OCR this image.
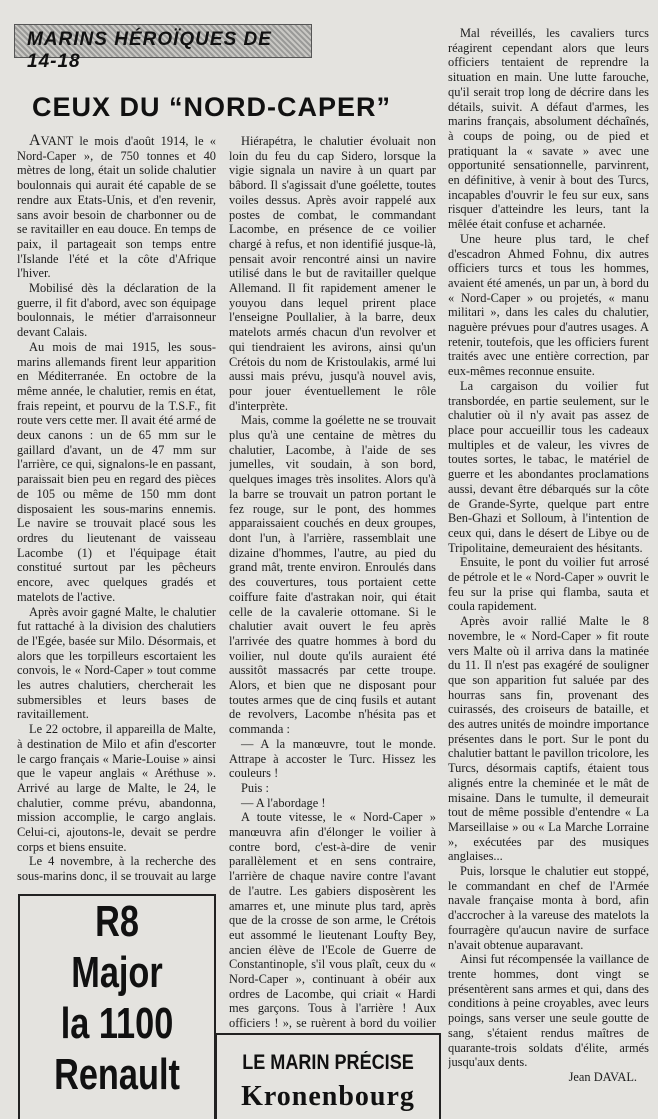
MARINS HÉROÏQUES DE 14-18
CEUX DU “NORD-CAPER”

AVANT le mois d'août 1914, le « Nord-Caper », de 750 tonnes et 40 mètres de long, était un solide chalutier boulonnais qui aurait été capable de se rendre aux Etats-Unis, et d'en revenir, sans avoir besoin de charbonner ou de se ravitailler en eau douce. En temps de paix, il partageait son temps entre l'Islande l'été et la côte d'Afrique l'hiver.

Mobilisé dès la déclaration de la guerre, il fit d'abord, avec son équipage boulonnais, le métier d'arraisonneur devant Calais.

Au mois de mai 1915, les sous-marins allemands firent leur apparition en Méditerranée. En octobre de la même année, le chalutier, remis en état, frais repeint, et pourvu de la T.S.F., fit route vers cette mer. Il avait été armé de deux canons : un de 65 mm sur le gaillard d'avant, un de 47 mm sur l'arrière, ce qui, signalons-le en passant, paraissait bien peu en regard des pièces de 105 ou même de 150 mm dont disposaient les sous-marins ennemis. Le navire se trouvait placé sous les ordres du lieutenant de vaisseau Lacombe (1) et l'équipage était constitué surtout par les pêcheurs encore, avec quelques gradés et matelots de l'active.

Après avoir gagné Malte, le chalutier fut rattaché à la division des chalutiers de l'Egée, basée sur Milo. Désormais, et alors que les torpilleurs escortaient les convois, le « Nord-Caper » tout comme les autres chalutiers, chercherait les submersibles et leurs bases de ravitaillement.

Le 22 octobre, il appareilla de Malte, à destination de Milo et afin d'escorter le cargo français « Marie-Louise » ainsi que le vapeur anglais « Aréthuse ». Arrivé au large de Malte, le 24, le chalutier, comme prévu, abandonna, mission accomplie, le cargo anglais. Celui-ci, ajoutons-le, devait se perdre corps et biens ensuite.

Le 4 novembre, à la recherche des sous-marins donc, il se trouvait au large

Hiérapétra, le chalutier évoluait non loin du feu du cap Sidero, lorsque la vigie signala un navire à un quart par bâbord. Il s'agissait d'une goélette, toutes voiles dessus. Après avoir rappelé aux postes de combat, le commandant Lacombe, en présence de ce voilier chargé à refus, et non identifié jusque-là, pensait avoir rencontré ainsi un navire utilisé dans le but de ravitailler quelque Allemand. Il fit rapidement amener le youyou dans lequel prirent place l'enseigne Poullalier, à la barre, deux matelots armés chacun d'un revolver et qui tiendraient les avirons, ainsi qu'un Crétois du nom de Kristoulakis, armé lui aussi mais prévu, jusqu'à nouvel avis, pour jouer éventuellement le rôle d'interprète.

Mais, comme la goélette ne se trouvait plus qu'à une centaine de mètres du chalutier, Lacombe, à l'aide de ses jumelles, vit soudain, à son bord, quelques images très insolites. Alors qu'à la barre se trouvait un patron portant le fez rouge, sur le pont, des hommes apparaissaient couchés en deux groupes, dont l'un, à l'arrière, rassemblait une dizaine d'hommes, l'autre, au pied du grand mât, trente environ. Enroulés dans des couvertures, tous portaient cette coiffure faite d'astrakan noir, qui était celle de la cavalerie ottomane. Si le chalutier avait ouvert le feu après l'arrivée des quatre hommes à bord du voilier, nul doute qu'ils auraient été aussitôt massacrés par cette troupe. Alors, et bien que ne disposant pour toutes armes que de cinq fusils et autant de revolvers, Lacombe n'hésita pas et commanda :

— A la manœuvre, tout le monde. Attrape à accoster le Turc. Hissez les couleurs !

Puis :

— A l'abordage !

A toute vitesse, le « Nord-Caper » manœuvra afin d'élonger le voilier à contre bord, c'est-à-dire de venir parallèlement et en sens contraire, l'arrière de chaque navire contre l'avant de l'autre. Les gabiers disposèrent les amarres et, une minute plus tard, après que de la crosse de son arme, le Crétois eut assommé le lieutenant Loufty Bey, ancien élève de l'Ecole de Guerre de Constantinople, s'il vous plaît, ceux du « Nord-Caper », continuant à obéir aux ordres de Lacombe, qui criait « Hardi mes garçons. Tous à l'arrière ! Aux officiers ! », se ruèrent à bord du voilier

Mal réveillés, les cavaliers turcs réagirent cependant alors que leurs officiers tentaient de reprendre la situation en main. Une lutte farouche, qu'il serait trop long de décrire dans les détails, suivit. A défaut d'armes, les marins français, absolument déchaînés, à coups de poing, ou de pied et pratiquant la « savate » avec une opportunité sensationnelle, parvinrent, en définitive, à venir à bout des Turcs, incapables d'ouvrir le feu sur eux, sans risquer d'atteindre les leurs, tant la mêlée était confuse et acharnée.

Une heure plus tard, le chef d'escadron Ahmed Fohnu, dix autres officiers turcs et tous les hommes, avaient été amenés, un par un, à bord du « Nord-Caper » ou projetés, « manu militari », dans les cales du chalutier, naguère prévues pour d'autres usages. A retenir, toutefois, que les officiers furent traités avec une entière correction, par eux-mêmes reconnue ensuite.

La cargaison du voilier fut transbordée, en partie seulement, sur le chalutier où il n'y avait pas assez de place pour accueillir tous les cadeaux multiples et de valeur, les vivres de toutes sortes, le tabac, le matériel de guerre et les abondantes proclamations aussi, devant être débarqués sur la côte de Grande-Syrte, quelque part entre Ben-Ghazi et Solloum, à l'intention de ceux qui, dans le désert de Libye ou de Tripolitaine, demeuraient des hésitants.

Ensuite, le pont du voilier fut arrosé de pétrole et le « Nord-Caper » ouvrit le feu sur la prise qui flamba, sauta et coula rapidement.

Après avoir rallié Malte le 8 novembre, le « Nord-Caper » fit route vers Malte où il arriva dans la matinée du 11. Il n'est pas exagéré de souligner que son apparition fut saluée par des hourras sans fin, provenant des cuirassés, des croiseurs de bataille, et des autres unités de moindre importance présentes dans le port. Sur le pont du chalutier battant le pavillon tricolore, les Turcs, désormais captifs, étaient tous alignés entre la cheminée et le mât de misaine. Dans le tumulte, il demeurait tout de même possible d'entendre « La Marseillaise » ou « La Marche Lorraine », exécutées par des musiques anglaises...

Puis, lorsque le chalutier eut stoppé, le commandant en chef de l'Armée navale française monta à bord, afin d'accrocher à la vareuse des matelots la fourragère qu'aucun navire de surface n'avait obtenue auparavant.

Ainsi fut récompensée la vaillance de trente hommes, dont vingt se présentèrent sans armes et qui, dans des conditions à peine croyables, avec leurs poings, sans verser une seule goutte de sang, s'étaient rendus maîtres de quarante-trois soldats d'élite, armés jusqu'aux dents.

Jean DAVAL.

R8
Major
la 1100
Renault	LE MARIN PRÉCISE
Kronenbourg
